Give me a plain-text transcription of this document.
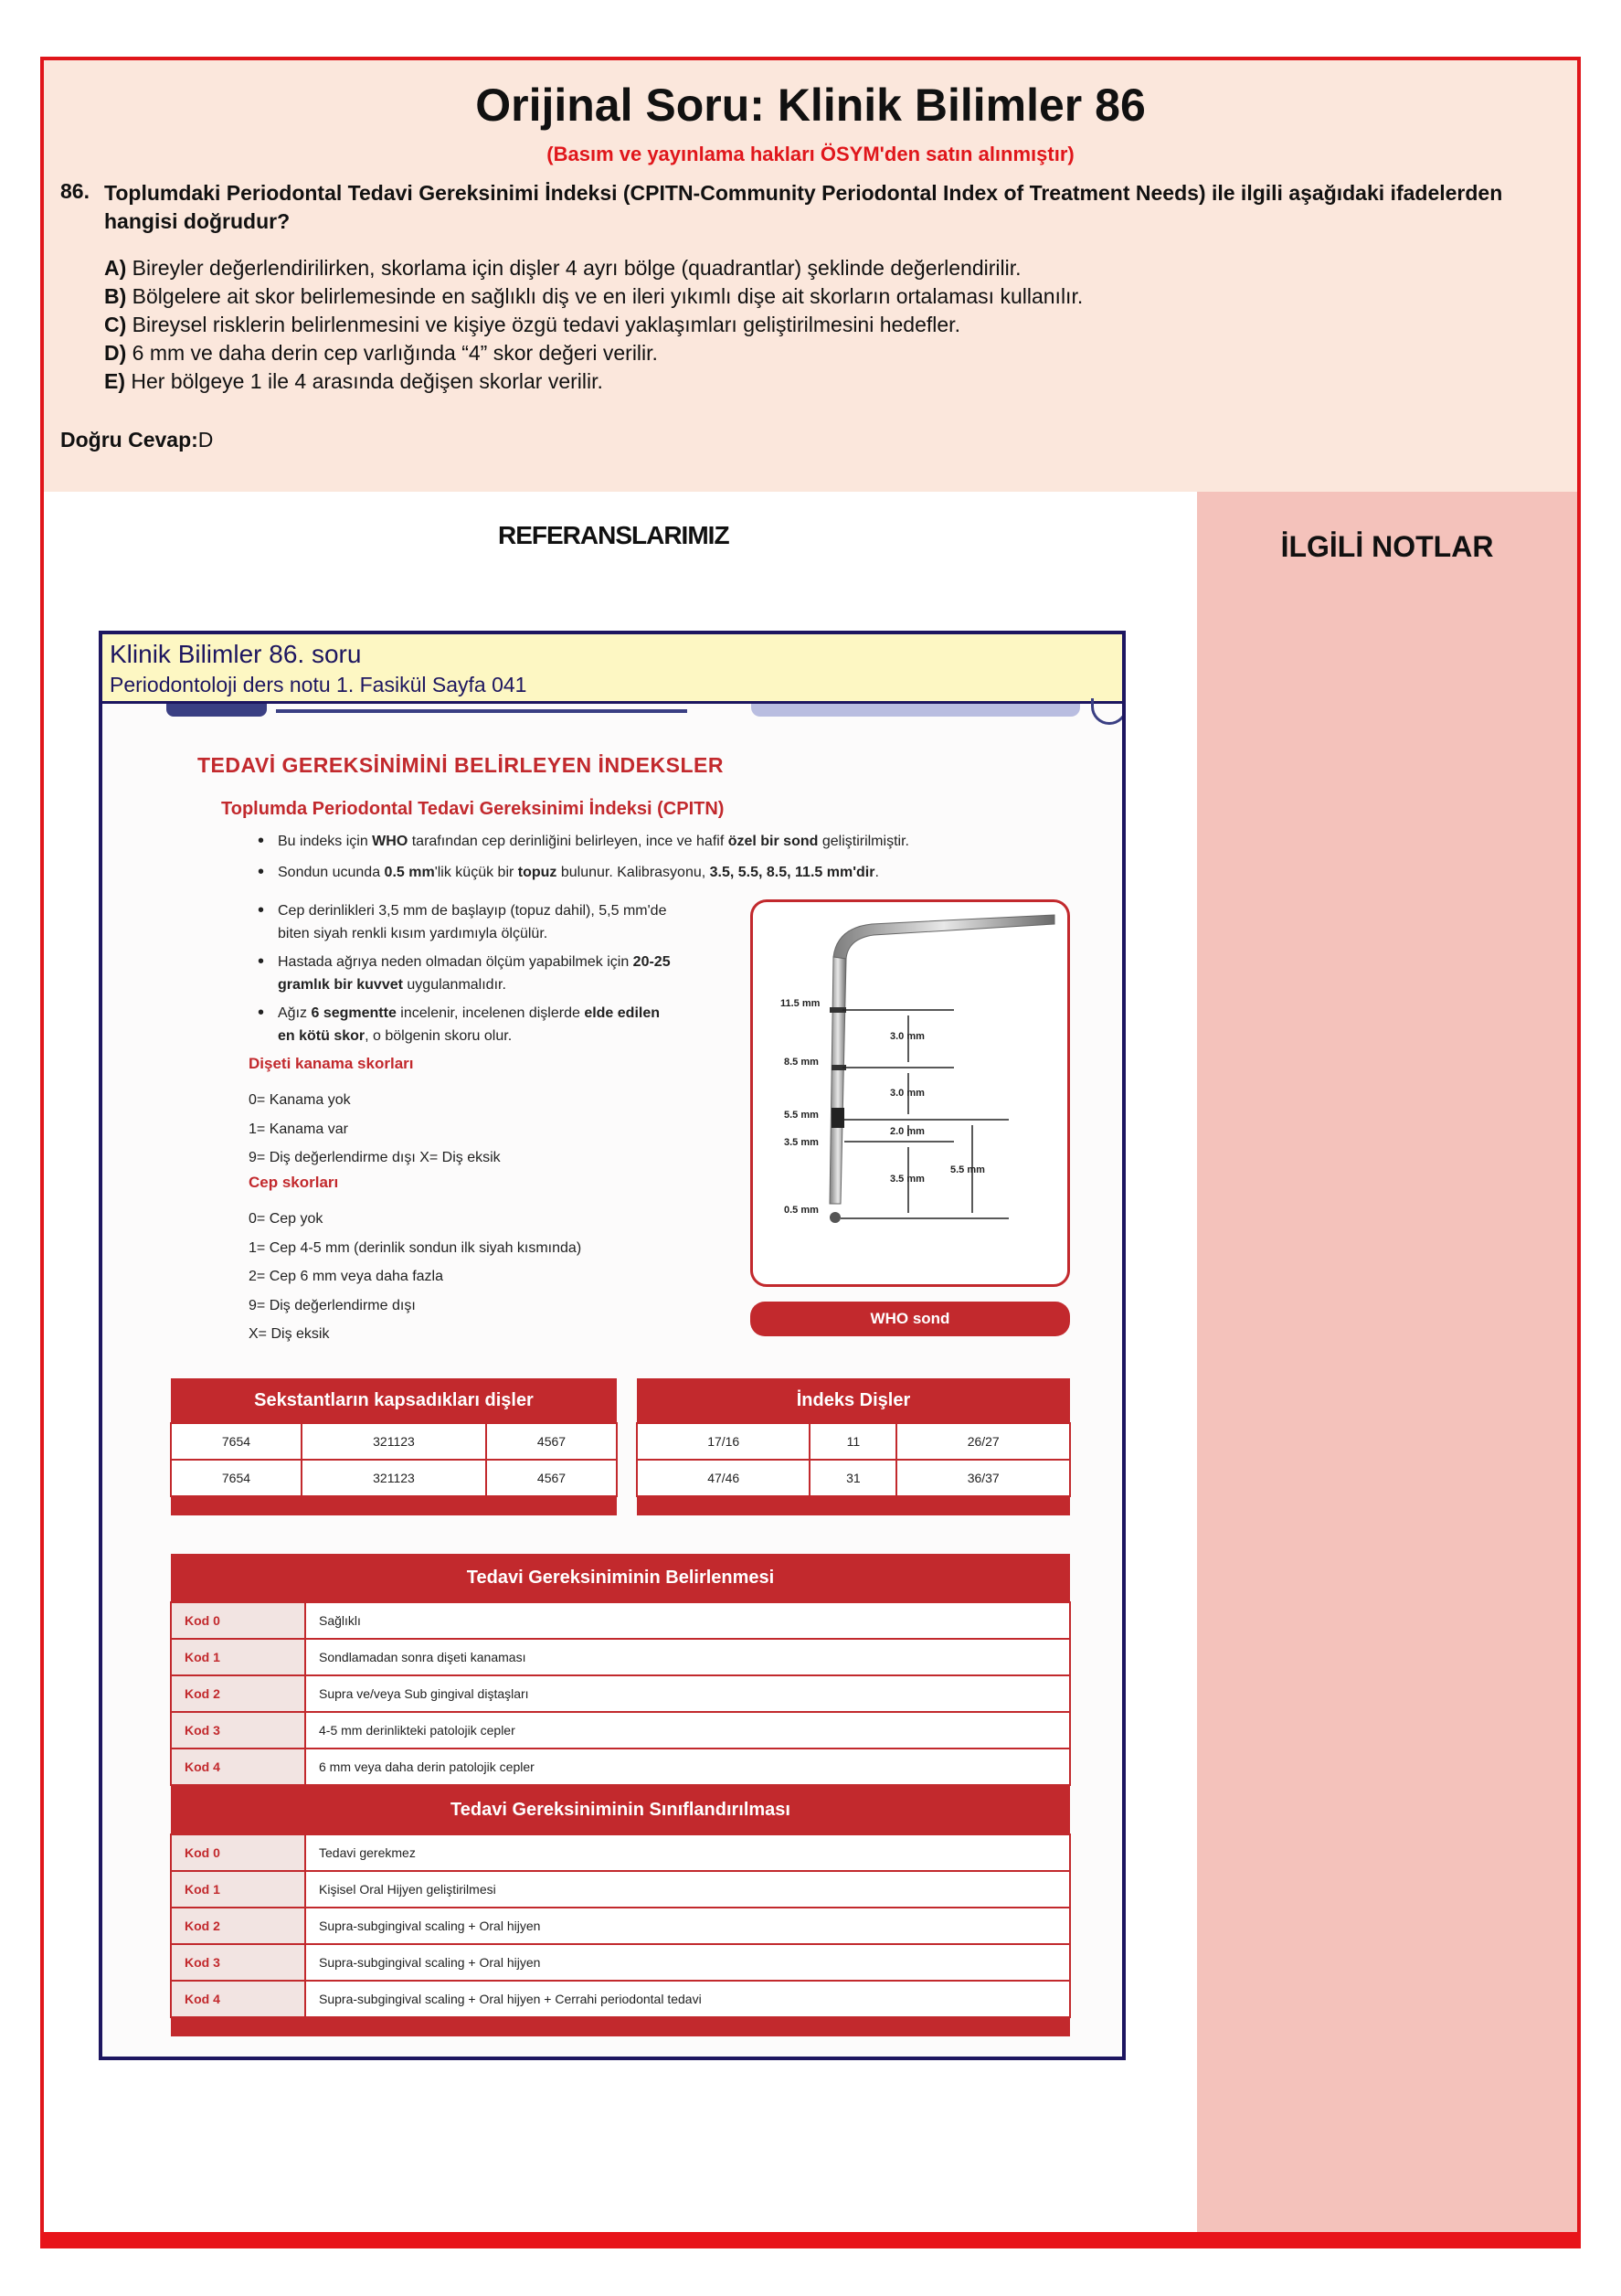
Orijinal Soru: Klinik Bilimler 86
(Basım ve yayınlama hakları ÖSYM'den satın alınmıştır)
86. Toplumdaki Periodontal Tedavi Gereksinimi İndeksi (CPITN-Community Periodontal Index of Treatment Needs) ile ilgili aşağıdaki ifadelerden hangisi doğrudur?
A) Bireyler değerlendirilirken, skorlama için dişler 4 ayrı bölge (quadrantlar) şeklinde değerlendirilir.
B) Bölgelere ait skor belirlemesinde en sağlıklı diş ve en ileri yıkımlı dişe ait skorların ortalaması kullanılır.
C) Bireysel risklerin belirlenmesini ve kişiye özgü tedavi yaklaşımları geliştirilmesini hedefler.
D) 6 mm ve daha derin cep varlığında “4” skor değeri verilir.
E) Her bölgeye 1 ile 4 arasında değişen skorlar verilir.
Doğru Cevap:D
İLGİLİ NOTLAR
REFERANSLARIMIZ
Klinik Bilimler 86. soru
Periodontoloji ders notu 1. Fasikül Sayfa 041
TEDAVİ GEREKSİNİMİNİ BELİRLEYEN İNDEKSLER
Toplumda Periodontal Tedavi Gereksinimi İndeksi (CPITN)
• Bu indeks için WHO tarafından cep derinliğini belirleyen, ince ve hafif özel bir sond geliştirilmiştir.
• Sondun ucunda 0.5 mm'lik küçük bir topuz bulunur. Kalibrasyonu, 3.5, 5.5, 8.5, 11.5 mm'dir.
• Cep derinlikleri 3,5 mm de başlayıp (topuz dahil), 5,5 mm'de
biten siyah renkli kısım yardımıyla ölçülür.
• Hastada ağrıya neden olmadan ölçüm yapabilmek için 20-25
gramlık bir kuvvet uygulanmalıdır.
• Ağız 6 segmentte incelenir, incelenen dişlerde elde edilen
en kötü skor, o bölgenin skoru olur.
Dişeti kanama skorları
0= Kanama yok
1= Kanama var
9= Diş değerlendirme dışı X= Diş eksik
Cep skorları
0= Cep yok
1= Cep 4-5 mm (derinlik sondun ilk siyah kısmında)
2= Cep 6 mm veya daha fazla
9= Diş değerlendirme dışı
X= Diş eksik
11.5 mm
8.5 mm
5.5 mm
3.5 mm
0.5 mm
3.0 mm
3.0 mm
2.0 mm
3.5 mm
5.5 mm
WHO sond
Sekstantların kapsadıkları dişler		
7654	321123	4567
7654	321123	4567

İndeks Dişler		
17/16	11	26/27
47/46	31	36/37

Tedavi Gereksiniminin Belirlenmesi	
Kod 0	Sağlıklı
Kod 1	Sondlamadan sonra dişeti kanaması
Kod 2	Supra ve/veya Sub gingival diştaşları
Kod 3	4-5 mm derinlikteki patolojik cepler
Kod 4	6 mm veya daha derin patolojik cepler
Tedavi Gereksiniminin Sınıflandırılması	
Kod 0	Tedavi gerekmez
Kod 1	Kişisel Oral Hijyen geliştirilmesi
Kod 2	Supra-subgingival scaling + Oral hijyen
Kod 3	Supra-subgingival scaling + Oral hijyen
Kod 4	Supra-subgingival scaling + Oral hijyen + Cerrahi periodontal tedavi
